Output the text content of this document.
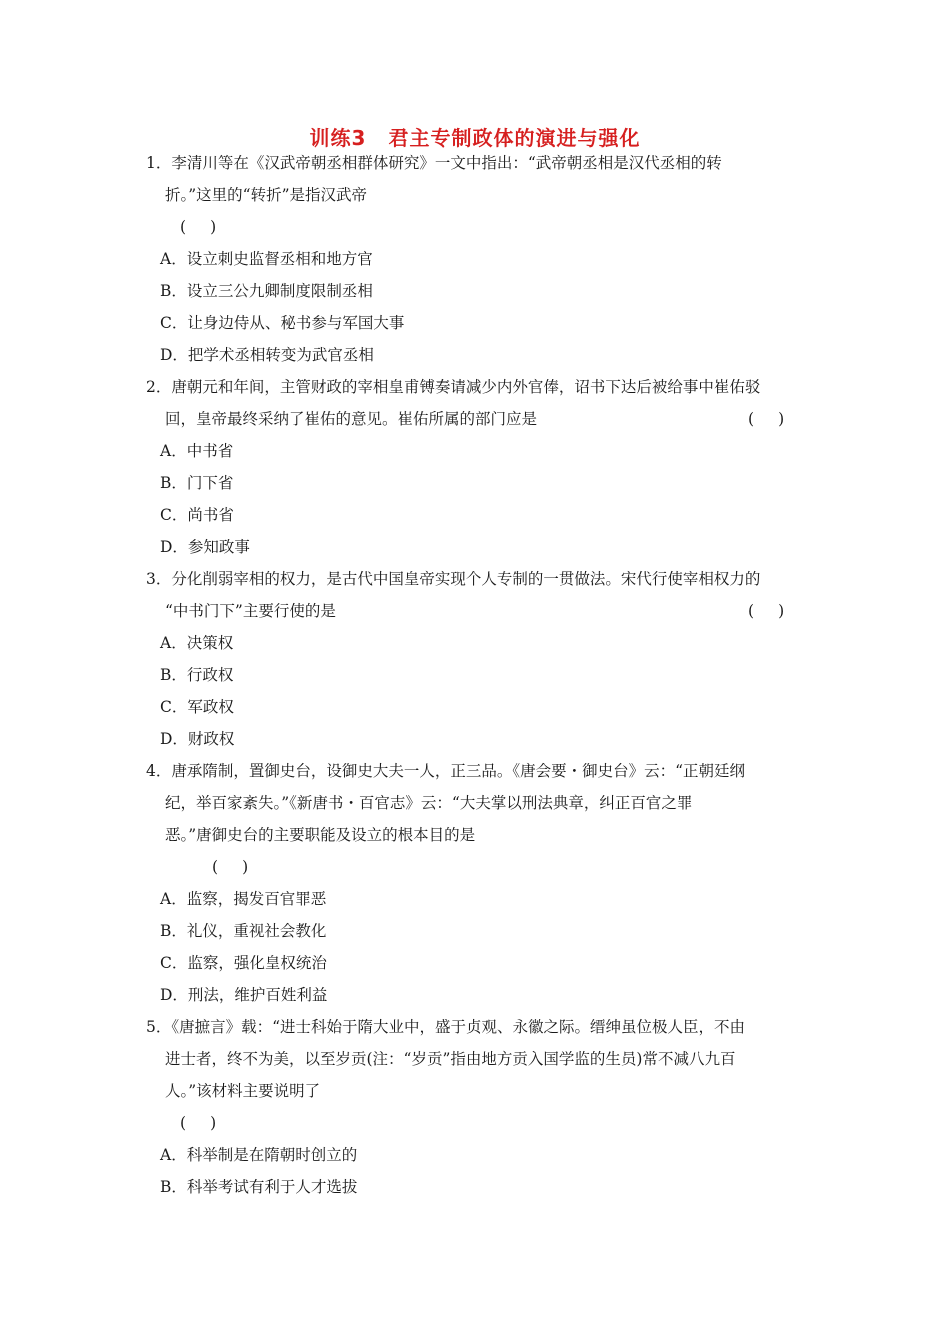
训练3 君主专制政体的演进与强化
1．李清川等在《汉武帝朝丞相群体研究》一文中指出：“武帝朝丞相是汉代丞相的转
折。”这里的“转折”是指汉武帝
( )
A．设立刺史监督丞相和地方官
B．设立三公九卿制度限制丞相
C．让身边侍从、秘书参与军国大事
D．把学术丞相转变为武官丞相
2．唐朝元和年间，主管财政的宰相皇甫镈奏请减少内外官俸，诏书下达后被给事中崔佑驳
回，皇帝最终采纳了崔佑的意见。崔佑所属的部门应是	( )
A．中书省
B．门下省
C．尚书省
D．参知政事
3．分化削弱宰相的权力，是古代中国皇帝实现个人专制的一贯做法。宋代行使宰相权力的
“中书门下”主要行使的是	( )
A．决策权
B．行政权
C．军政权
D．财政权
4．唐承隋制，置御史台，设御史大夫一人，正三品。《唐会要・御史台》云：“正朝廷纲
纪，举百家紊失。”《新唐书・百官志》云：“大夫掌以刑法典章，纠正百官之罪
恶。”唐御史台的主要职能及设立的根本目的是
( )
A．监察，揭发百官罪恶
B．礼仪，重视社会教化
C．监察，强化皇权统治
D．刑法，维护百姓利益
5．《唐摭言》载：“进士科始于隋大业中，盛于贞观、永徽之际。缙绅虽位极人臣，不由
进士者，终不为美，以至岁贡(注：“岁贡”指由地方贡入国学监的生员)常不减八九百
人。”该材料主要说明了
( )
A．科举制是在隋朝时创立的
B．科举考试有利于人才选拔
